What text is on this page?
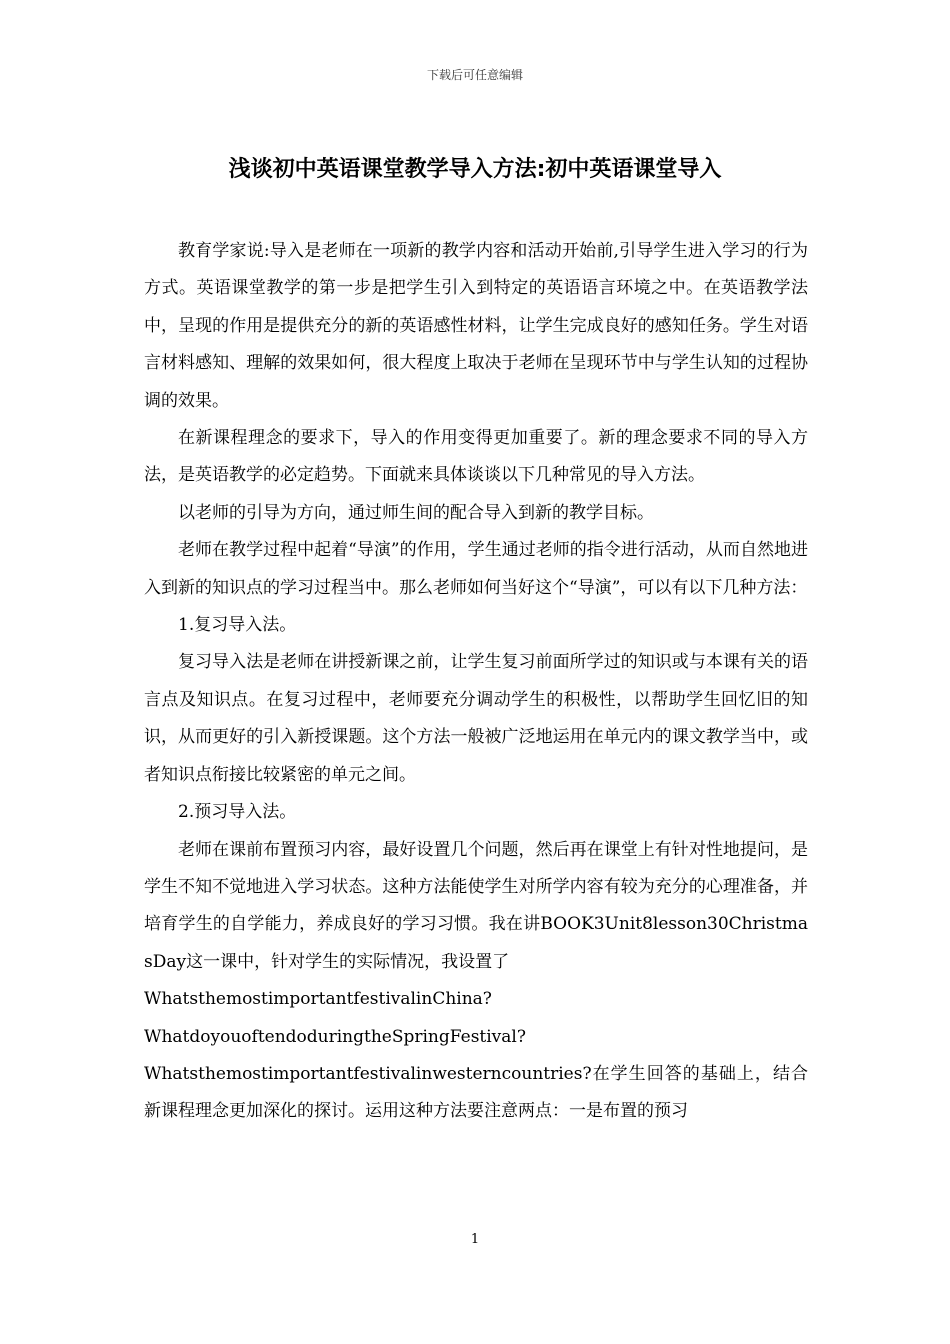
下载后可任意编辑
浅谈初中英语课堂教学导入方法:初中英语课堂导入

教育学家说:导入是老师在一项新的教学内容和活动开始前,引导学生进入学习的行为方式。英语课堂教学的第一步是把学生引入到特定的英语语言环境之中。在英语教学法中，呈现的作用是提供充分的新的英语感性材料，让学生完成良好的感知任务。学生对语言材料感知、理解的效果如何，很大程度上取决于老师在呈现环节中与学生认知的过程协调的效果。

在新课程理念的要求下，导入的作用变得更加重要了。新的理念要求不同的导入方法，是英语教学的必定趋势。下面就来具体谈谈以下几种常见的导入方法。

以老师的引导为方向，通过师生间的配合导入到新的教学目标。

老师在教学过程中起着“导演”的作用，学生通过老师的指令进行活动，从而自然地进入到新的知识点的学习过程当中。那么老师如何当好这个“导演”，可以有以下几种方法：

1.复习导入法。

复习导入法是老师在讲授新课之前，让学生复习前面所学过的知识或与本课有关的语言点及知识点。在复习过程中，老师要充分调动学生的积极性，以帮助学生回忆旧的知识，从而更好的引入新授课题。这个方法一般被广泛地运用在单元内的课文教学当中，或者知识点衔接比较紧密的单元之间。

2.预习导入法。

老师在课前布置预习内容，最好设置几个问题，然后再在课堂上有针对性地提问，是学生不知不觉地进入学习状态。这种方法能使学生对所学内容有较为充分的心理准备，并培育学生的自学能力，养成良好的学习习惯。我在讲BOOK3Unit8lesson30ChristmasDay这一课中，针对学生的实际情况，我设置了

WhatsthemostimportantfestivalinChina?

WhatdoyouoftendoduringtheSpringFestival?

Whatsthemostimportantfestivalinwesterncountries?在学生回答的基础上，结合新课程理念更加深化的探讨。运用这种方法要注意两点：一是布置的预习

1
